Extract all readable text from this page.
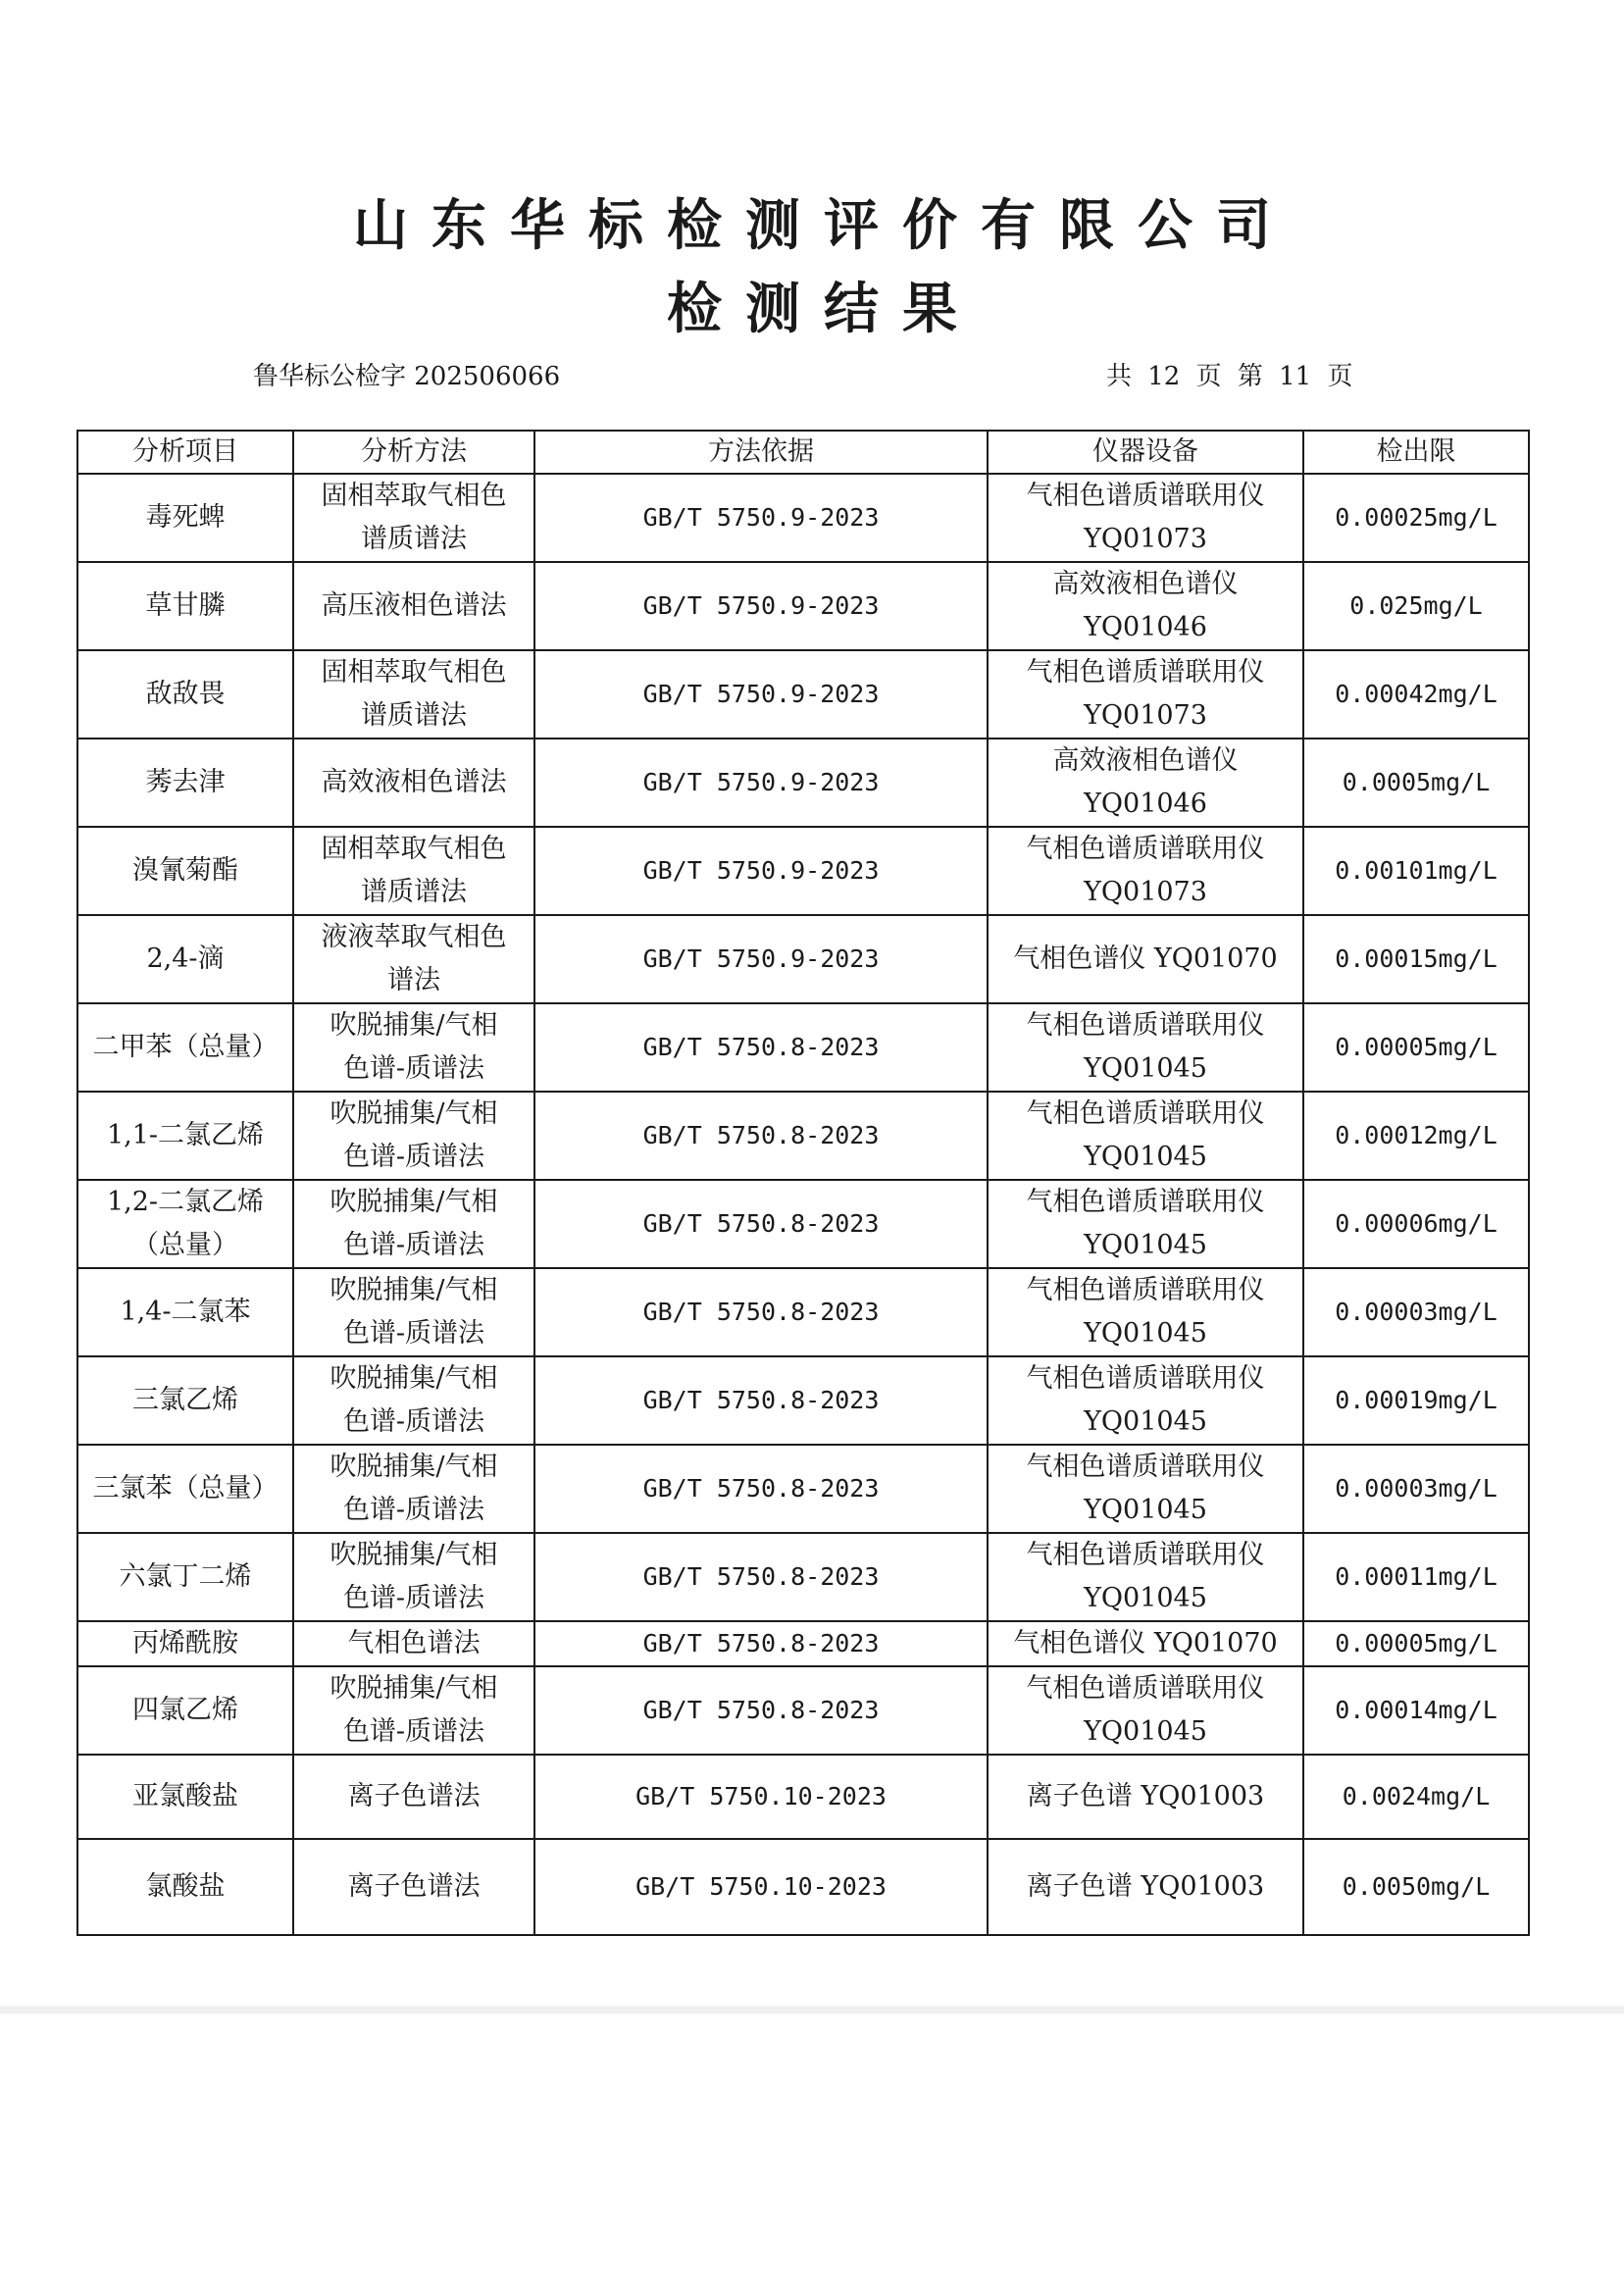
山东华标检测评价有限公司
检测结果
鲁华标公检字 202506066	共 12 页 第 11 页
分析项目	分析方法	方法依据	仪器设备	检出限

毒死蜱	固相萃取气相色
谱质谱法	GB/T 5750.9-2023	气相色谱质谱联用仪
YQ01073	0.00025mg/L

草甘膦	高压液相色谱法	GB/T 5750.9-2023	高效液相色谱仪
YQ01046	0.025mg/L

敌敌畏	固相萃取气相色
谱质谱法	GB/T 5750.9-2023	气相色谱质谱联用仪
YQ01073	0.00042mg/L

莠去津	高效液相色谱法	GB/T 5750.9-2023	高效液相色谱仪
YQ01046	0.0005mg/L

溴氰菊酯	固相萃取气相色
谱质谱法	GB/T 5750.9-2023	气相色谱质谱联用仪
YQ01073	0.00101mg/L

2,4-滴	液液萃取气相色
谱法	GB/T 5750.9-2023	气相色谱仪 YQ01070	0.00015mg/L

二甲苯（总量）	吹脱捕集/气相
色谱-质谱法	GB/T 5750.8-2023	气相色谱质谱联用仪
YQ01045	0.00005mg/L

1,1-二氯乙烯	吹脱捕集/气相
色谱-质谱法	GB/T 5750.8-2023	气相色谱质谱联用仪
YQ01045	0.00012mg/L

1,2-二氯乙烯
（总量）	吹脱捕集/气相
色谱-质谱法	GB/T 5750.8-2023	气相色谱质谱联用仪
YQ01045	0.00006mg/L

1,4-二氯苯	吹脱捕集/气相
色谱-质谱法	GB/T 5750.8-2023	气相色谱质谱联用仪
YQ01045	0.00003mg/L

三氯乙烯	吹脱捕集/气相
色谱-质谱法	GB/T 5750.8-2023	气相色谱质谱联用仪
YQ01045	0.00019mg/L

三氯苯（总量）	吹脱捕集/气相
色谱-质谱法	GB/T 5750.8-2023	气相色谱质谱联用仪
YQ01045	0.00003mg/L

六氯丁二烯	吹脱捕集/气相
色谱-质谱法	GB/T 5750.8-2023	气相色谱质谱联用仪
YQ01045	0.00011mg/L

丙烯酰胺	气相色谱法	GB/T 5750.8-2023	气相色谱仪 YQ01070	0.00005mg/L

四氯乙烯	吹脱捕集/气相
色谱-质谱法	GB/T 5750.8-2023	气相色谱质谱联用仪
YQ01045	0.00014mg/L

亚氯酸盐	离子色谱法	GB/T 5750.10-2023	离子色谱 YQ01003	0.0024mg/L

氯酸盐	离子色谱法	GB/T 5750.10-2023	离子色谱 YQ01003	0.0050mg/L
